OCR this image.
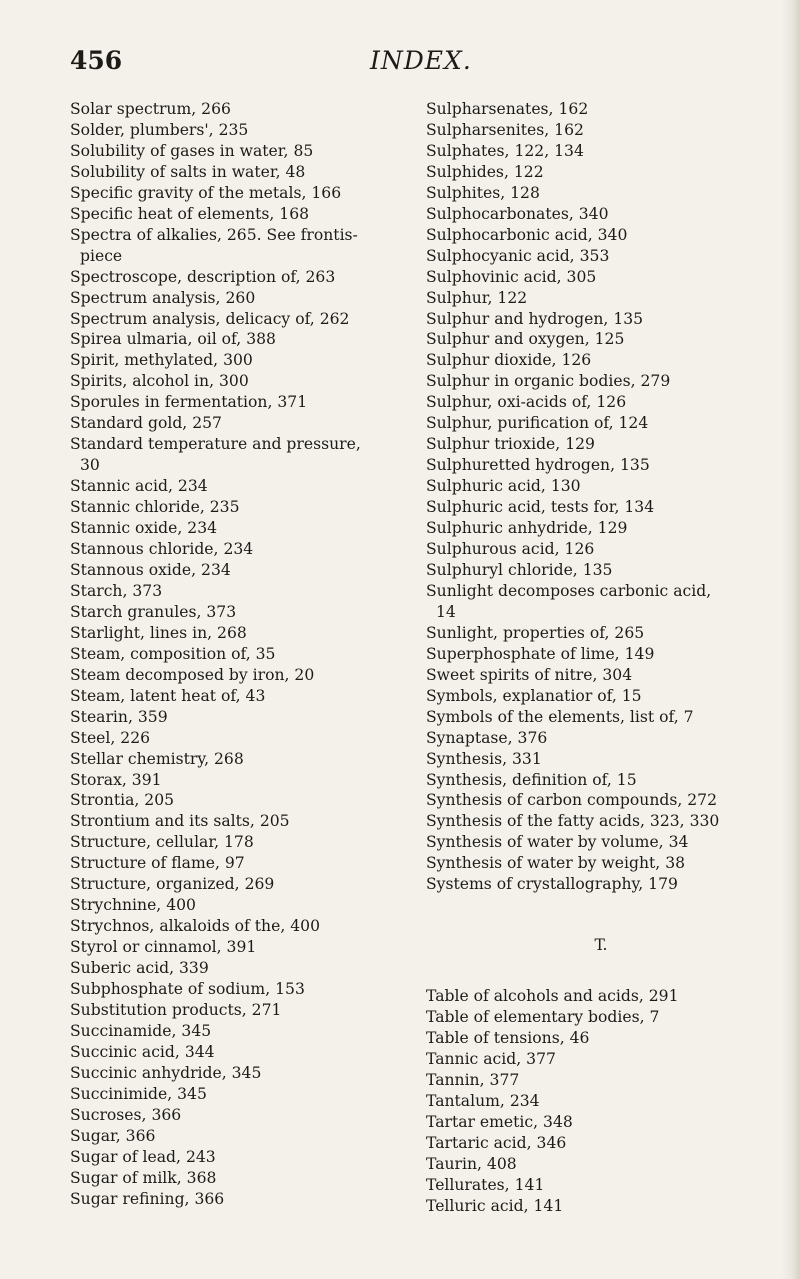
456	INDEX.
Solar spectrum, 266
Solder, plumbers', 235
Solubility of gases in water, 85
Solubility of salts in water, 48
Specific gravity of the metals, 166
Specific heat of elements, 168
Spectra of alkalies, 265. See frontis-
piece
Spectroscope, description of, 263
Spectrum analysis, 260
Spectrum analysis, delicacy of, 262
Spirea ulmaria, oil of, 388
Spirit, methylated, 300
Spirits, alcohol in, 300
Sporules in fermentation, 371
Standard gold, 257
Standard temperature and pressure,
30
Stannic acid, 234
Stannic chloride, 235
Stannic oxide, 234
Stannous chloride, 234
Stannous oxide, 234
Starch, 373
Starch granules, 373
Starlight, lines in, 268
Steam, composition of, 35
Steam decomposed by iron, 20
Steam, latent heat of, 43
Stearin, 359
Steel, 226
Stellar chemistry, 268
Storax, 391
Strontia, 205
Strontium and its salts, 205
Structure, cellular, 178
Structure of flame, 97
Structure, organized, 269
Strychnine, 400
Strychnos, alkaloids of the, 400
Styrol or cinnamol, 391
Suberic acid, 339
Subphosphate of sodium, 153
Substitution products, 271
Succinamide, 345
Succinic acid, 344
Succinic anhydride, 345
Succinimide, 345
Sucroses, 366
Sugar, 366
Sugar of lead, 243
Sugar of milk, 368
Sugar refining, 366
Sulpharsenates, 162
Sulpharsenites, 162
Sulphates, 122, 134
Sulphides, 122
Sulphites, 128
Sulphocarbonates, 340
Sulphocarbonic acid, 340
Sulphocyanic acid, 353
Sulphovinic acid, 305
Sulphur, 122
Sulphur and hydrogen, 135
Sulphur and oxygen, 125
Sulphur dioxide, 126
Sulphur in organic bodies, 279
Sulphur, oxi-acids of, 126
Sulphur, purification of, 124
Sulphur trioxide, 129
Sulphuretted hydrogen, 135
Sulphuric acid, 130
Sulphuric acid, tests for, 134
Sulphuric anhydride, 129
Sulphurous acid, 126
Sulphuryl chloride, 135
Sunlight decomposes carbonic acid,
14
Sunlight, properties of, 265
Superphosphate of lime, 149
Sweet spirits of nitre, 304
Symbols, explanatior of, 15
Symbols of the elements, list of, 7
Synaptase, 376
Synthesis, 331
Synthesis, definition of, 15
Synthesis of carbon compounds, 272
Synthesis of the fatty acids, 323, 330
Synthesis of water by volume, 34
Synthesis of water by weight, 38
Systems of crystallography, 179
T.
Table of alcohols and acids, 291
Table of elementary bodies, 7
Table of tensions, 46
Tannic acid, 377
Tannin, 377
Tantalum, 234
Tartar emetic, 348
Tartaric acid, 346
Taurin, 408
Tellurates, 141
Telluric acid, 141
